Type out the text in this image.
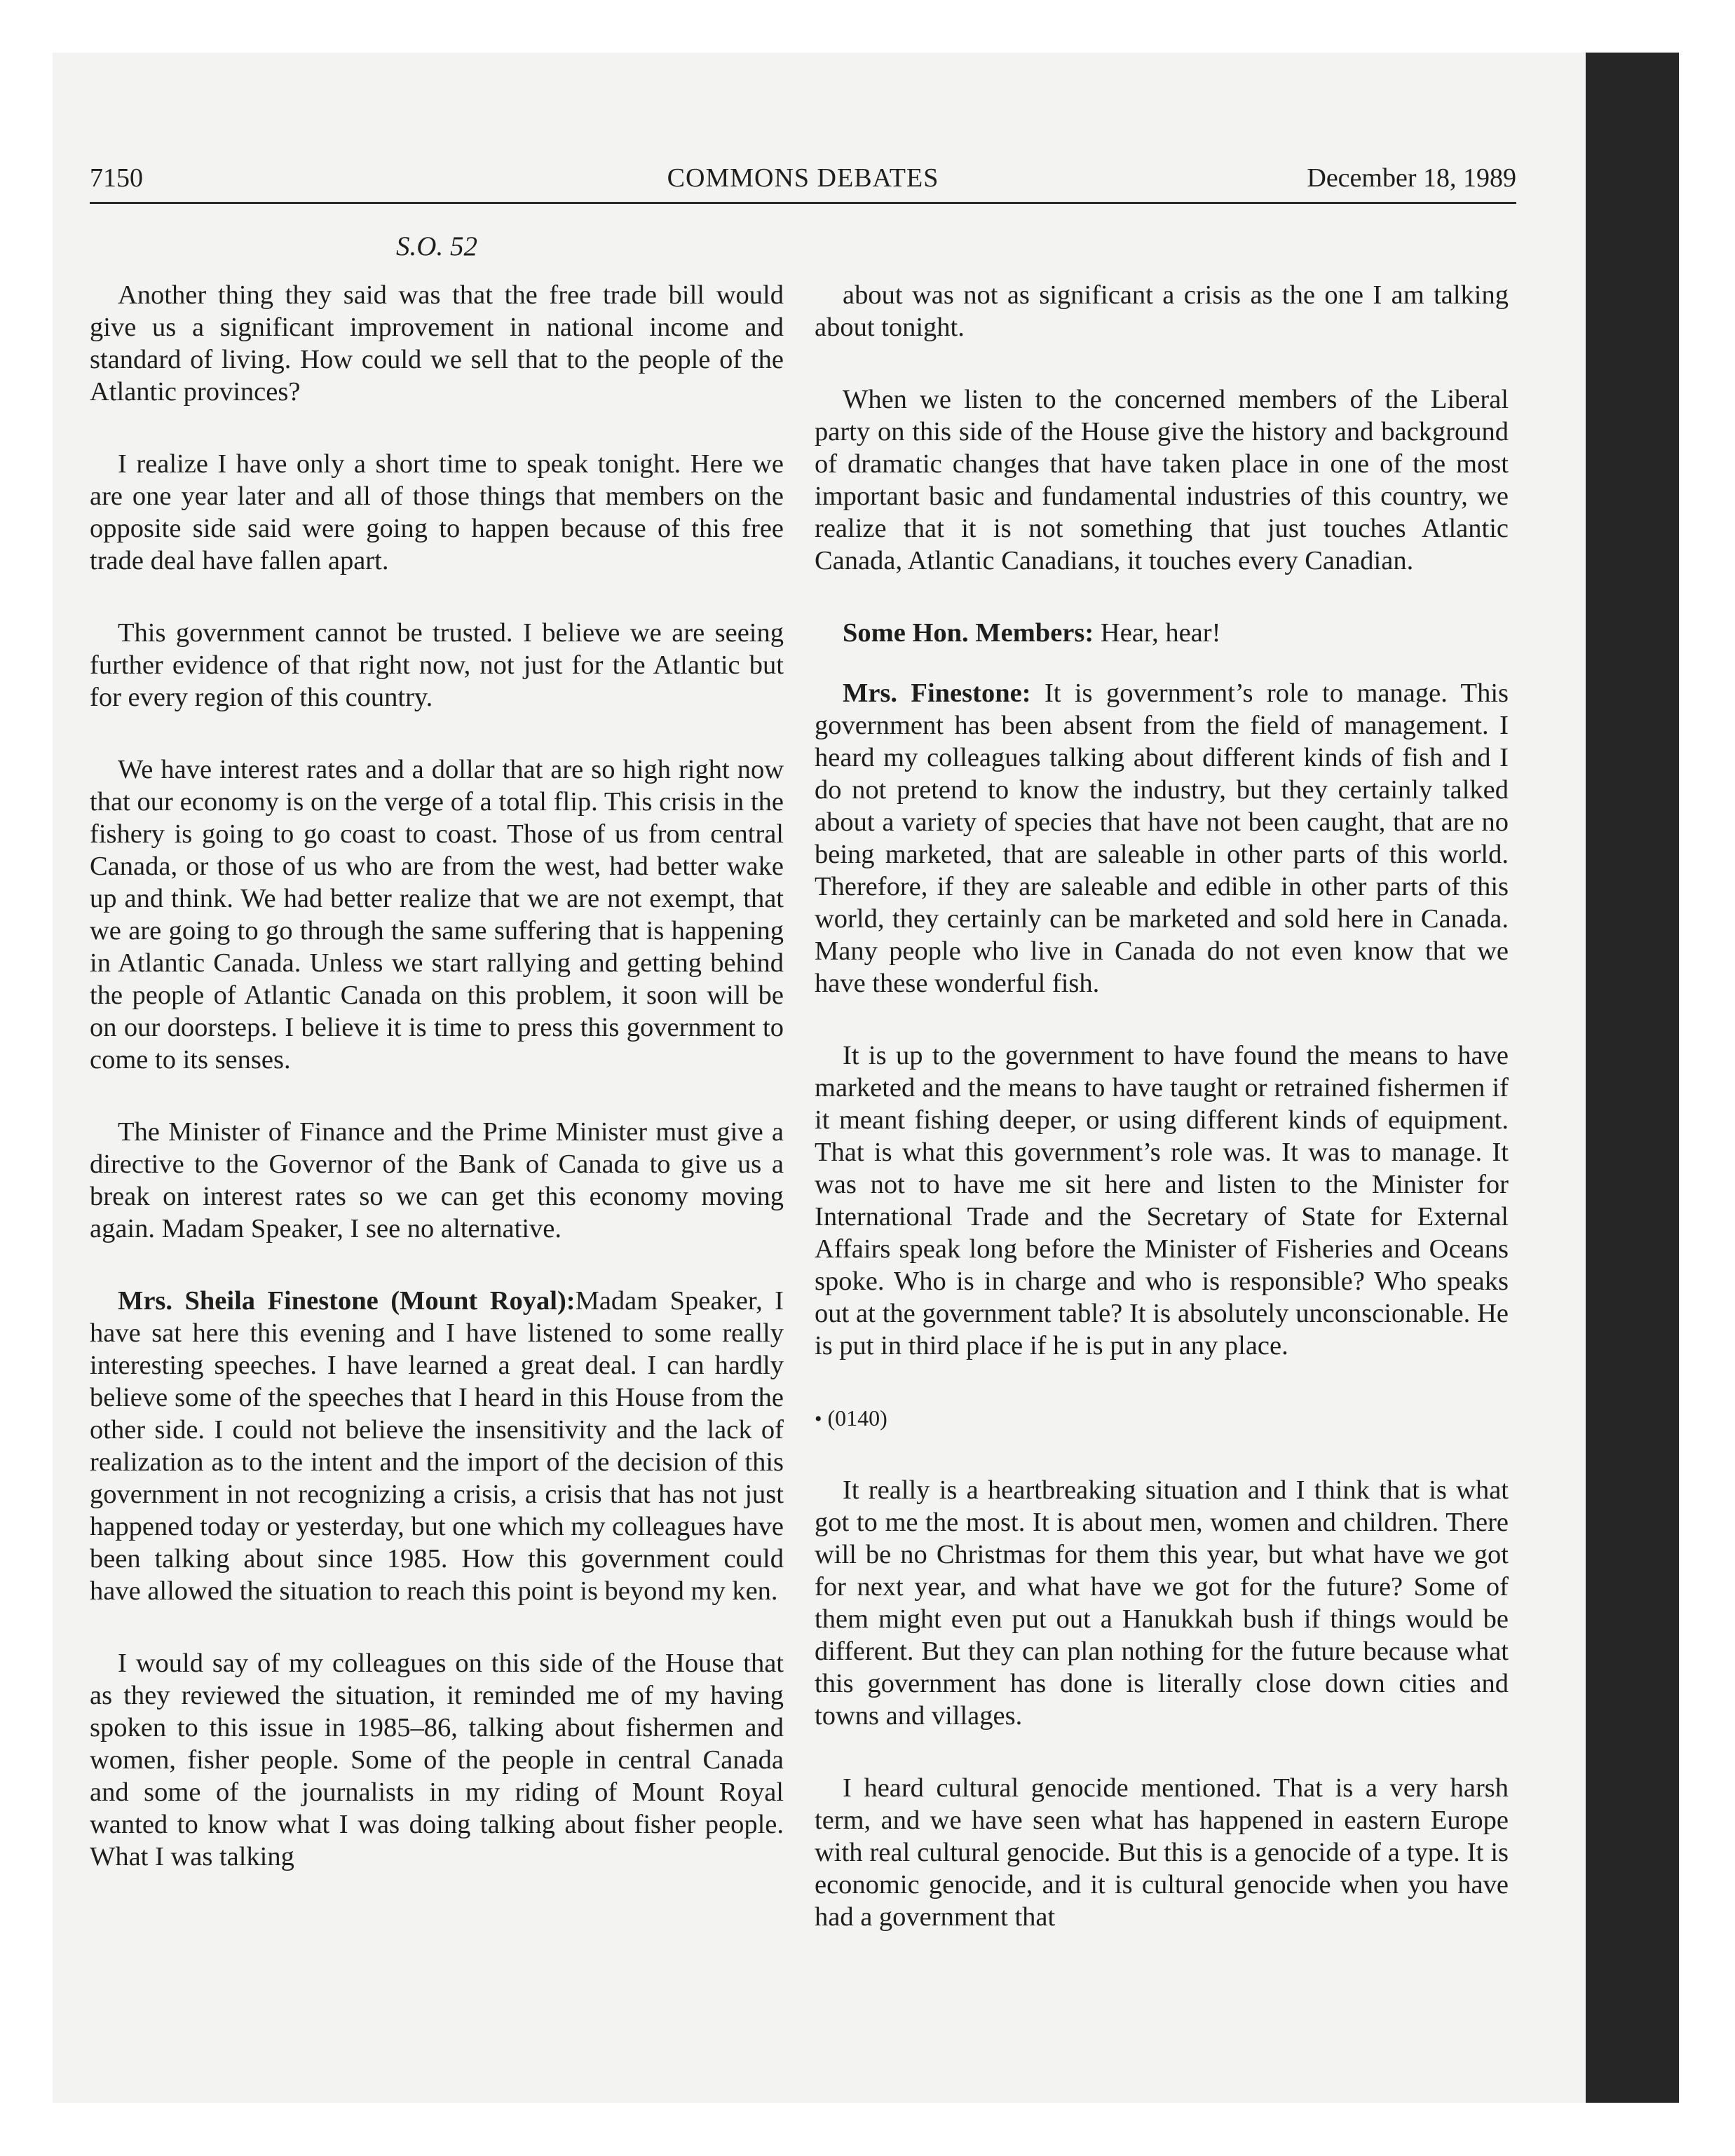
7150	COMMONS DEBATES	December 18, 1989
S.O. 52

Another thing they said was that the free trade bill would give us a significant improvement in national income and standard of living. How could we sell that to the people of the Atlantic provinces?

I realize I have only a short time to speak tonight. Here we are one year later and all of those things that members on the opposite side said were going to happen because of this free trade deal have fallen apart.

This government cannot be trusted. I believe we are seeing further evidence of that right now, not just for the Atlantic but for every region of this country.

We have interest rates and a dollar that are so high right now that our economy is on the verge of a total flip. This crisis in the fishery is going to go coast to coast. Those of us from central Canada, or those of us who are from the west, had better wake up and think. We had better realize that we are not exempt, that we are going to go through the same suffering that is happening in Atlantic Canada. Unless we start rallying and getting behind the people of Atlantic Canada on this problem, it soon will be on our doorsteps. I believe it is time to press this government to come to its senses.

The Minister of Finance and the Prime Minister must give a directive to the Governor of the Bank of Canada to give us a break on interest rates so we can get this economy moving again. Madam Speaker, I see no alternative.

Mrs. Sheila Finestone (Mount Royal):Madam Speaker, I have sat here this evening and I have listened to some really interesting speeches. I have learned a great deal. I can hardly believe some of the speeches that I heard in this House from the other side. I could not believe the insensitivity and the lack of realization as to the intent and the import of the decision of this government in not recognizing a crisis, a crisis that has not just happened today or yesterday, but one which my colleagues have been talking about since 1985. How this government could have allowed the situation to reach this point is beyond my ken.

I would say of my colleagues on this side of the House that as they reviewed the situation, it reminded me of my having spoken to this issue in 1985–86, talking about fishermen and women, fisher people. Some of the people in central Canada and some of the journalists in my riding of Mount Royal wanted to know what I was doing talking about fisher people. What I was talking

about was not as significant a crisis as the one I am talking about tonight.

When we listen to the concerned members of the Liberal party on this side of the House give the history and background of dramatic changes that have taken place in one of the most important basic and fundamental industries of this country, we realize that it is not something that just touches Atlantic Canada, Atlantic Canadians, it touches every Canadian.

Some Hon. Members: Hear, hear!

Mrs. Finestone: It is government’s role to manage. This government has been absent from the field of management. I heard my colleagues talking about different kinds of fish and I do not pretend to know the industry, but they certainly talked about a variety of species that have not been caught, that are no being marketed, that are saleable in other parts of this world. Therefore, if they are saleable and edible in other parts of this world, they certainly can be marketed and sold here in Canada. Many people who live in Canada do not even know that we have these wonderful fish.

It is up to the government to have found the means to have marketed and the means to have taught or retrained fishermen if it meant fishing deeper, or using different kinds of equipment. That is what this government’s role was. It was to manage. It was not to have me sit here and listen to the Minister for International Trade and the Secretary of State for External Affairs speak long before the Minister of Fisheries and Oceans spoke. Who is in charge and who is responsible? Who speaks out at the government table? It is absolutely unconscionable. He is put in third place if he is put in any place.

• (0140)

It really is a heartbreaking situation and I think that is what got to me the most. It is about men, women and children. There will be no Christmas for them this year, but what have we got for next year, and what have we got for the future? Some of them might even put out a Hanukkah bush if things would be different. But they can plan nothing for the future because what this government has done is literally close down cities and towns and villages.

I heard cultural genocide mentioned. That is a very harsh term, and we have seen what has happened in eastern Europe with real cultural genocide. But this is a genocide of a type. It is economic genocide, and it is cultural genocide when you have had a government that
